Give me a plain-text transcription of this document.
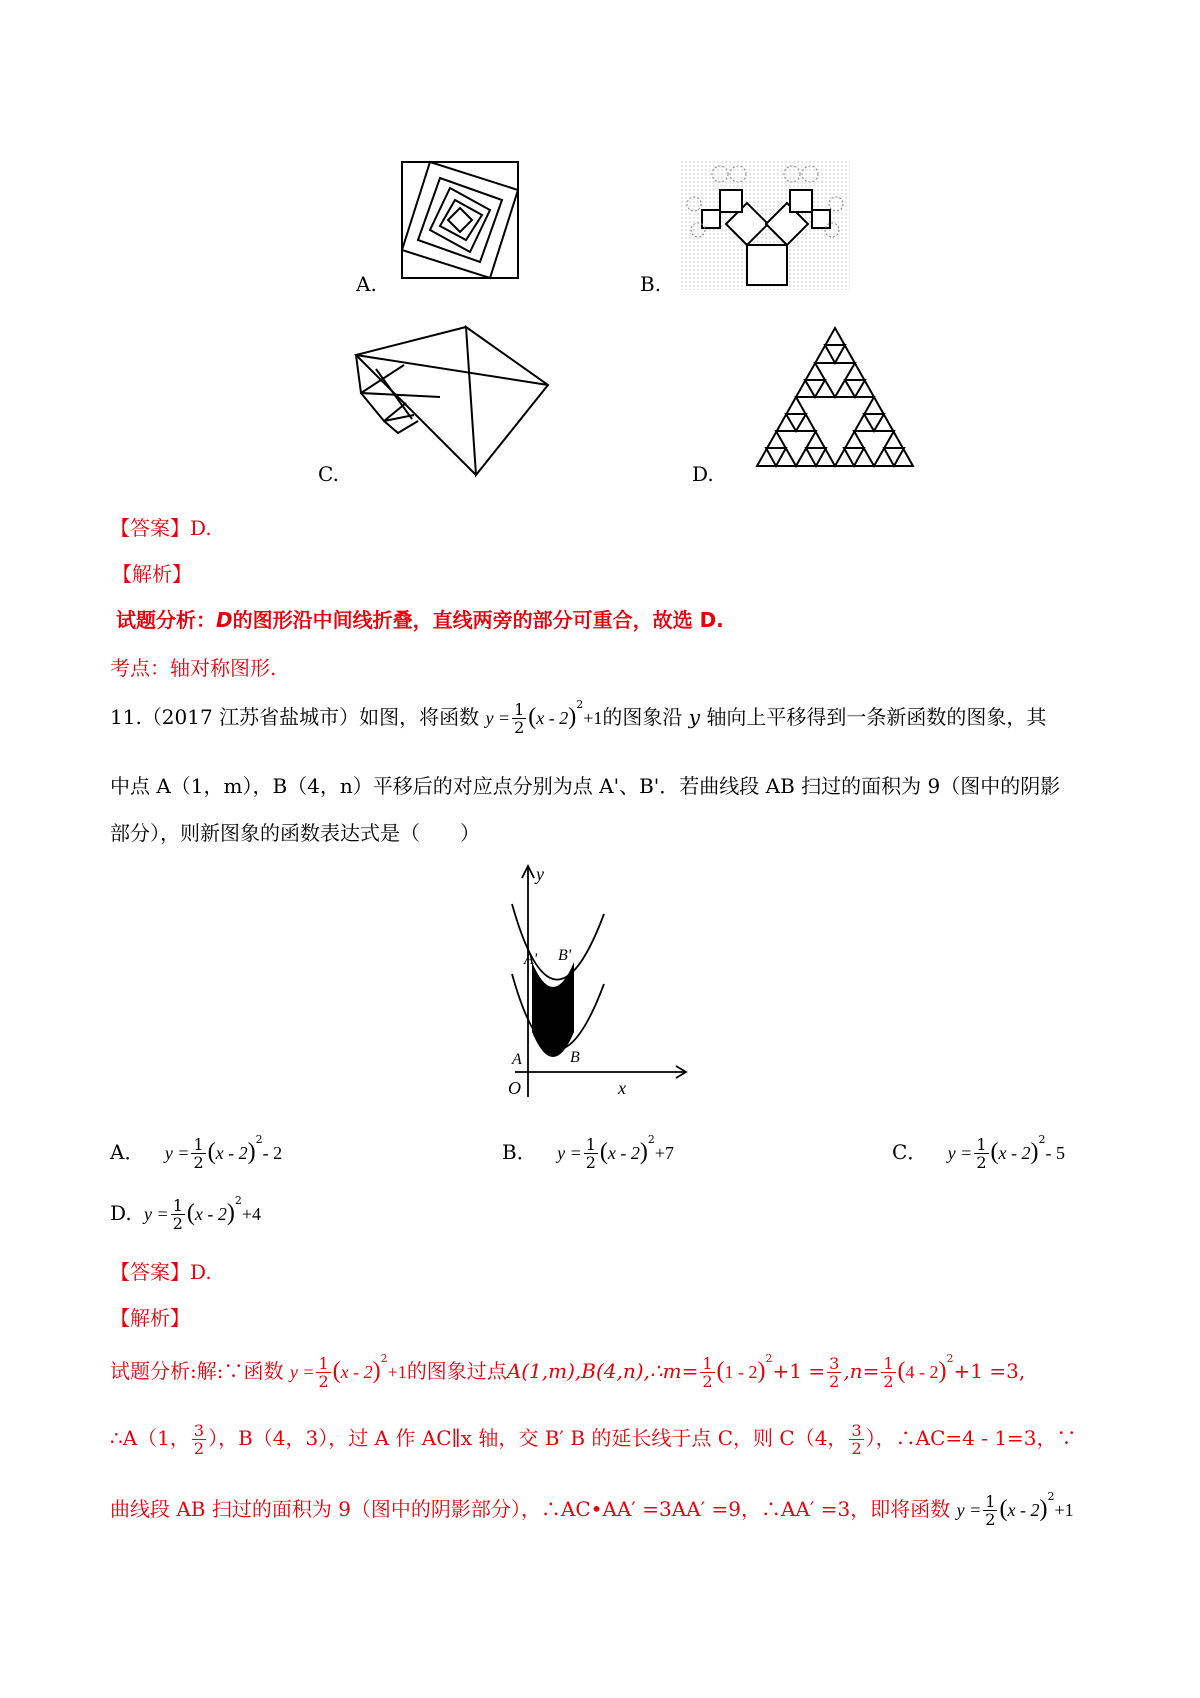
A.	B.
C.	D.
【答案】D.
【解析】
试题分析：D的图形沿中间线折叠，直线两旁的部分可重合，故选 D.
考点：轴对称图形.
11.（2017 江苏省盐城市）如图，将函数 $y = \frac{1}{2} (x - 2)^2+1$的图象沿 y 轴向上平移得到一条新函数的图象，其
中点 A（1，m），B（4，n）平移后的对应点分别为点 A'、B'．若曲线段 AB 扫过的面积为 9（图中的阴影
部分），则新图象的函数表达式是（　　）
y
x
O
A	B
A' B'
A． $y = \frac{1}{2} (x - 2)^2-$ 2	B． $y = \frac{1}{2} (x - 2)^2+7$	C． $y = \frac{1}{2} (x - 2)^2-$ 5
D. $y = \frac{1}{2} (x - 2)^2+4$
【答案】D.
【解析】
试题分析:解:∵函数 $y = \frac{1}{2} (x - 2)^2+1$的图象过点A(1,m),B(4,n),∴m= $\frac{1}{2} (1 - 2)^2+1 = \frac{3}{2} ,n= \frac{1}{2} (4 - 2)^2+1 =3$,
∴A（1， $\frac{3}{2}$ ），B（4，3），过 A 作 AC∥x 轴，交 B′ B 的延长线于点 C，则 C（4， $\frac{3}{2}$ ），∴AC=4 - 1=3，∵
曲线段 AB 扫过的面积为 9（图中的阴影部分），∴AC•AA′ =3AA′ =9，∴AA′ =3，即将函数 $y = \frac{1}{2} (x - 2)^2+1$
